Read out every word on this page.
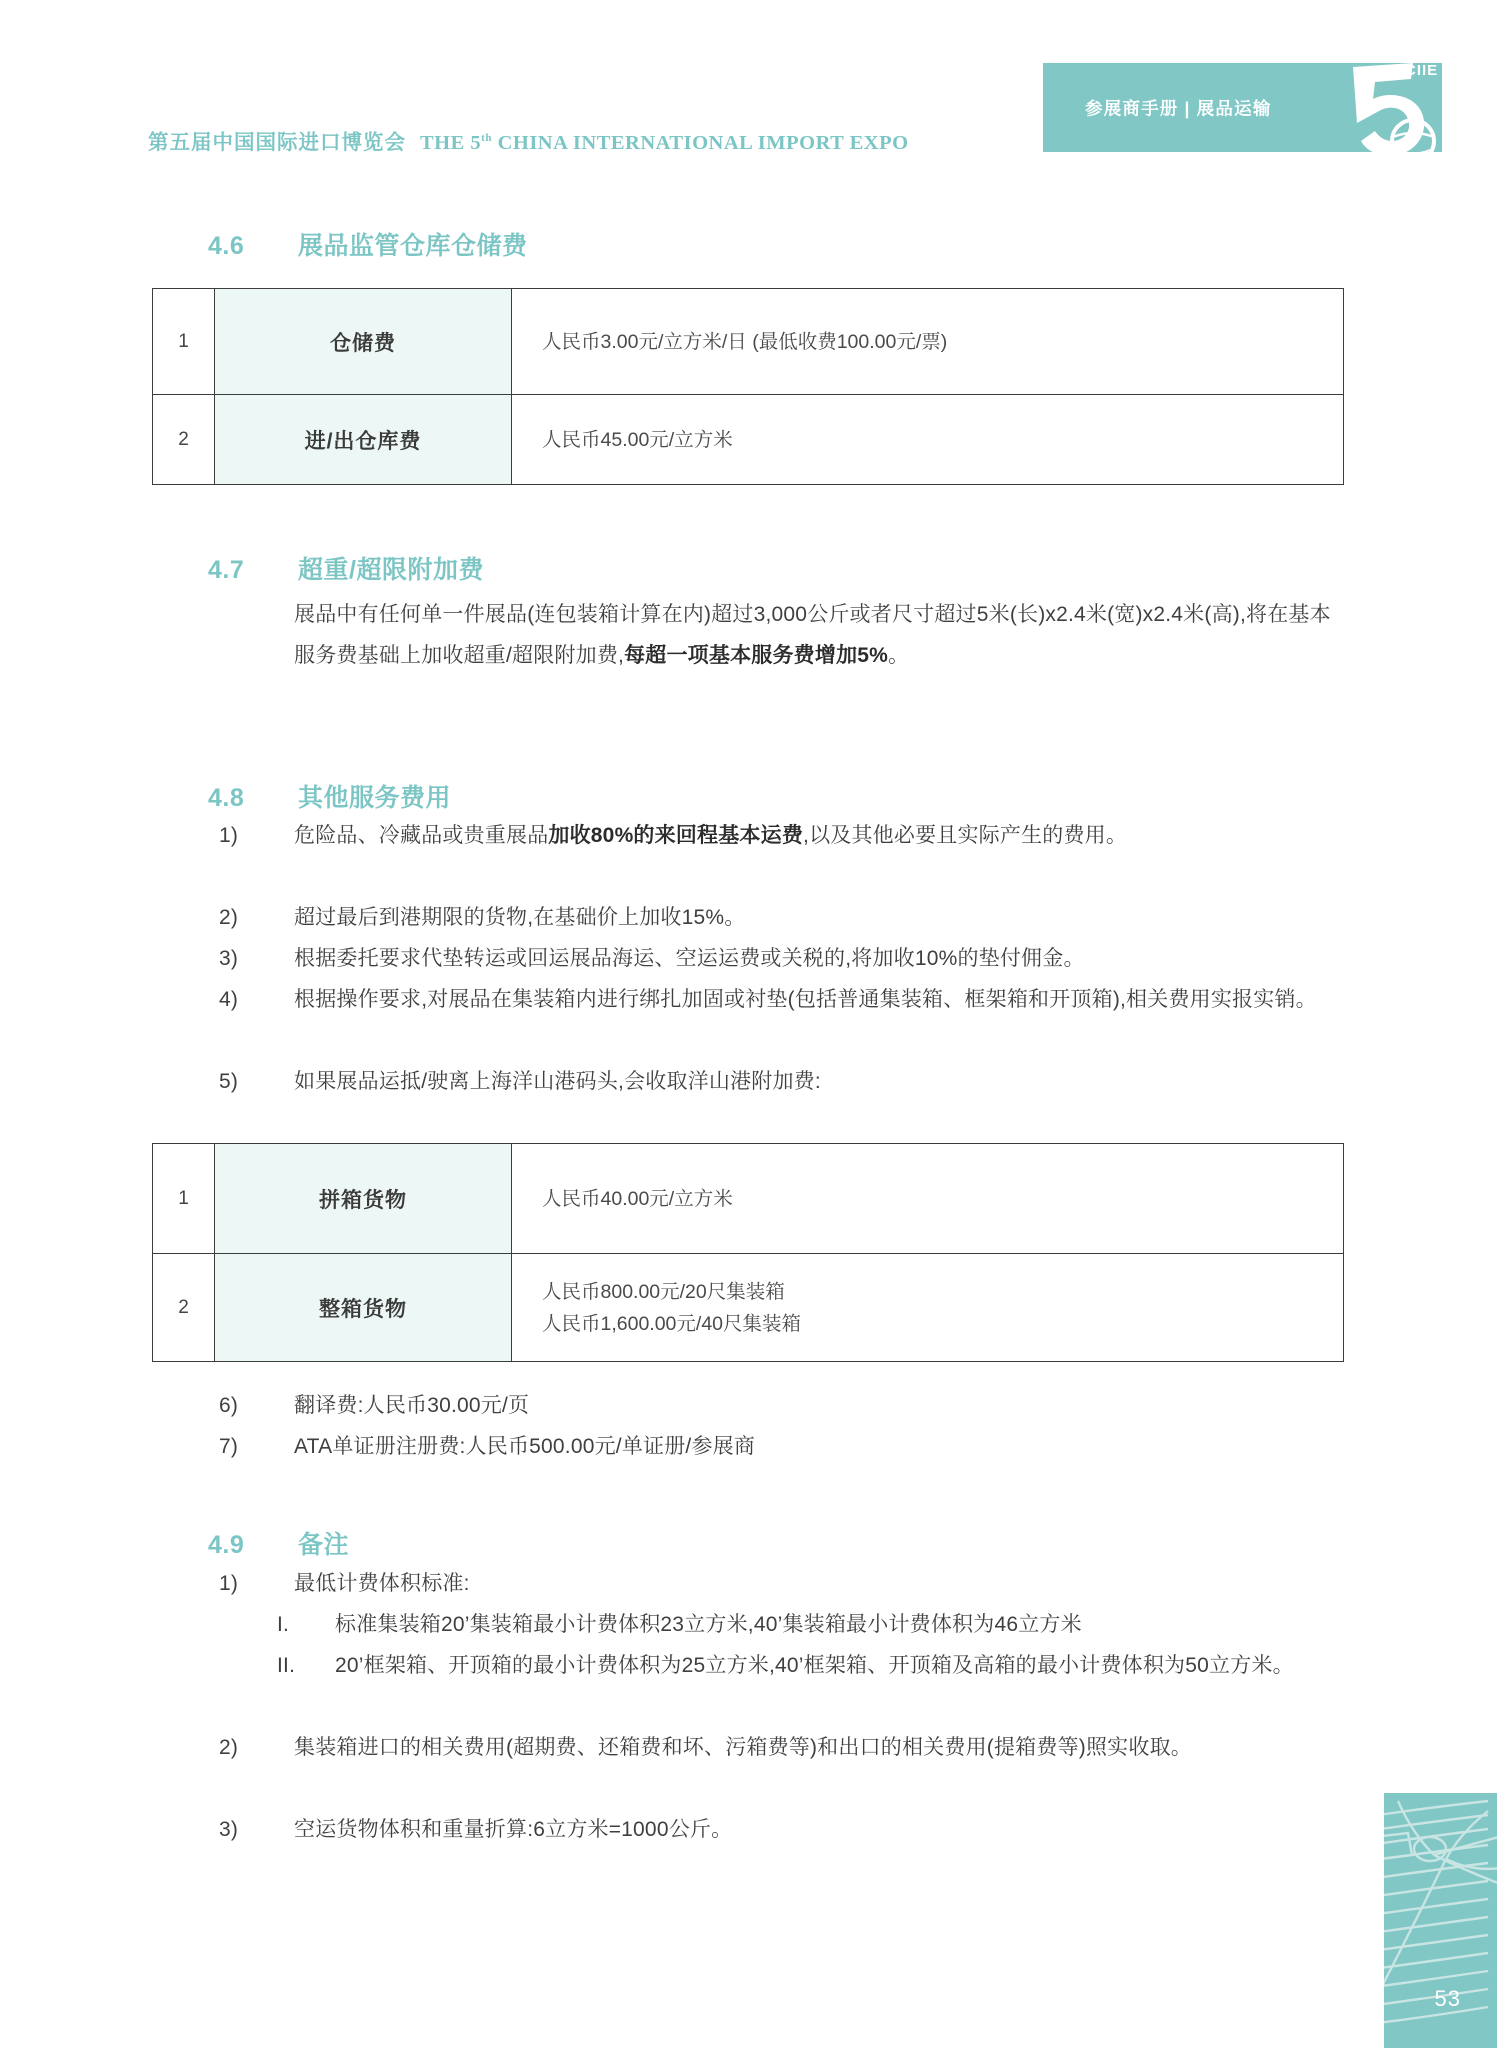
第五届中国国际进口博览会 THE 5th CHINA INTERNATIONAL IMPORT EXPO
参展商手册 | 展品运输
CIIE
2022
4.6 展品监管仓库仓储费
1	仓储费	人民币3.00元/立方米/日 (最低收费100.00元/票)
2	进/出仓库费	人民币45.00元/立方米
4.7 超重/超限附加费
展品中有任何单一件展品(连包装箱计算在内)超过3,000公斤或者尺寸超过5米(长)x2.4米(宽)x2.4米(高),将在基本服务费基础上加收超重/超限附加费,每超一项基本服务费增加5%。
4.8 其他服务费用
1)	危险品、冷藏品或贵重展品加收80%的来回程基本运费,以及其他必要且实际产生的费用。
2)	超过最后到港期限的货物,在基础价上加收15%。
3)	根据委托要求代垫转运或回运展品海运、空运运费或关税的,将加收10%的垫付佣金。
4)	根据操作要求,对展品在集装箱内进行绑扎加固或衬垫(包括普通集装箱、框架箱和开顶箱),相关费用实报实销。
5)	如果展品运抵/驶离上海洋山港码头,会收取洋山港附加费:
1	拼箱货物	人民币40.00元/立方米

2	整箱货物	人民币800.00元/20尺集装箱
人民币1,600.00元/40尺集装箱
6)	翻译费:人民币30.00元/页
7)	ATA单证册注册费:人民币500.00元/单证册/参展商
4.9 备注
1)	最低计费体积标准:
I.	标准集装箱20’集装箱最小计费体积23立方米,40’集装箱最小计费体积为46立方米
II.	20’框架箱、开顶箱的最小计费体积为25立方米,40’框架箱、开顶箱及高箱的最小计费体积为50立方米。
2)	集装箱进口的相关费用(超期费、还箱费和坏、污箱费等)和出口的相关费用(提箱费等)照实收取。
3)	空运货物体积和重量折算:6立方米=1000公斤。
53
